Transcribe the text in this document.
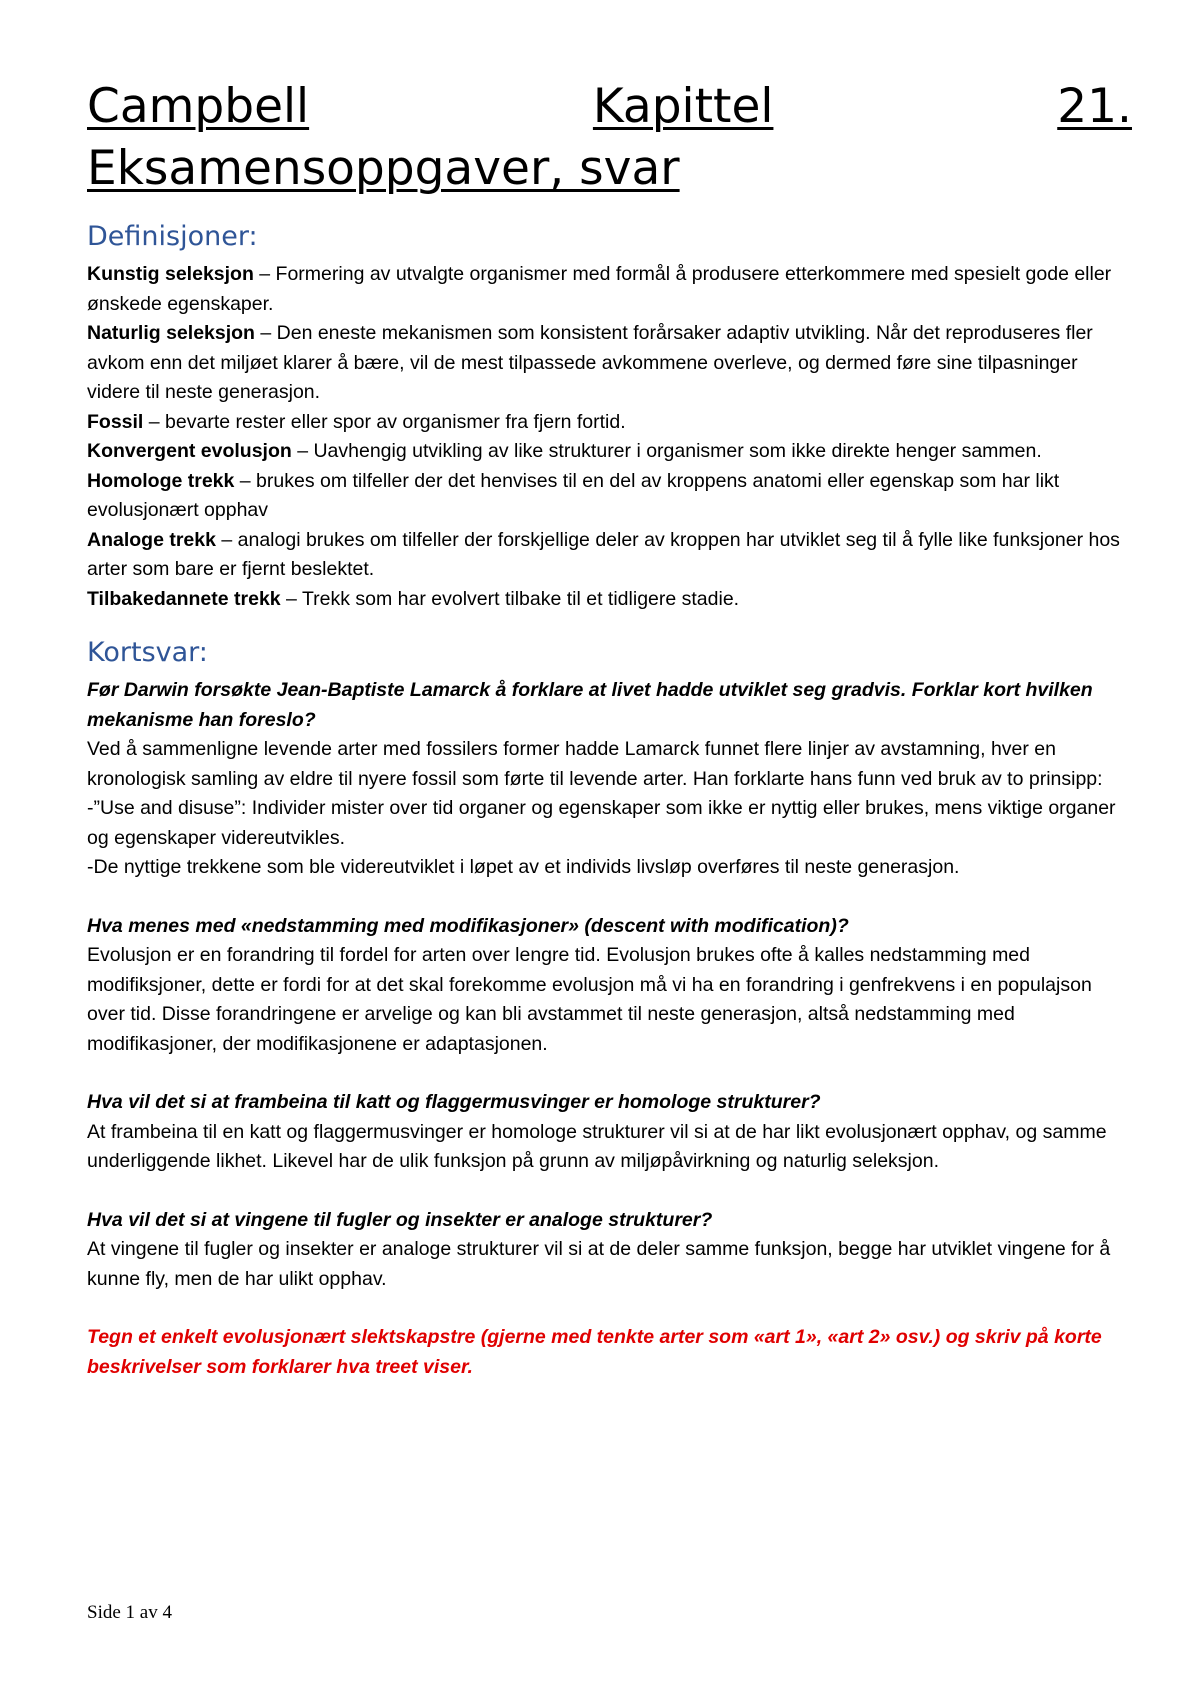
Campbell	Kapittel	21.
Eksamensoppgaver, svar
Definisjoner:

Kunstig seleksjon – Formering av utvalgte organismer med formål å produsere etterkommere med spesielt gode eller ønskede egenskaper.

Naturlig seleksjon – Den eneste mekanismen som konsistent forårsaker adaptiv utvikling. Når det reproduseres fler avkom enn det miljøet klarer å bære, vil de mest tilpassede avkommene overleve, og dermed føre sine tilpasninger videre til neste generasjon.

Fossil – bevarte rester eller spor av organismer fra fjern fortid.

Konvergent evolusjon – Uavhengig utvikling av like strukturer i organismer som ikke direkte henger sammen.

Homologe trekk – brukes om tilfeller der det henvises til en del av kroppens anatomi eller egenskap som har likt evolusjonært opphav

Analoge trekk – analogi brukes om tilfeller der forskjellige deler av kroppen har utviklet seg til å fylle like funksjoner hos arter som bare er fjernt beslektet.

Tilbakedannete trekk – Trekk som har evolvert tilbake til et tidligere stadie.

Kortsvar:

Før Darwin forsøkte Jean-Baptiste Lamarck å forklare at livet hadde utviklet seg gradvis. Forklar kort hvilken mekanisme han foreslo?

Ved å sammenligne levende arter med fossilers former hadde Lamarck funnet flere linjer av avstamning, hver en kronologisk samling av eldre til nyere fossil som førte til levende arter. Han forklarte hans funn ved bruk av to prinsipp:

-”Use and disuse”: Individer mister over tid organer og egenskaper som ikke er nyttig eller brukes, mens viktige organer og egenskaper videreutvikles.

-De nyttige trekkene som ble videreutviklet i løpet av et individs livsløp overføres til neste generasjon.

Hva menes med «nedstamming med modifikasjoner» (descent with modification)?

Evolusjon er en forandring til fordel for arten over lengre tid. Evolusjon brukes ofte å kalles nedstamming med modifiksjoner, dette er fordi for at det skal forekomme evolusjon må vi ha en forandring i genfrekvens i en populajson over tid. Disse forandringene er arvelige og kan bli avstammet til neste generasjon, altså nedstamming med modifikasjoner, der modifikasjonene er adaptasjonen.

Hva vil det si at frambeina til katt og flaggermusvinger er homologe strukturer?

At frambeina til en katt og flaggermusvinger er homologe strukturer vil si at de har likt evolusjonært opphav, og samme underliggende likhet. Likevel har de ulik funksjon på grunn av miljøpåvirkning og naturlig seleksjon.

Hva vil det si at vingene til fugler og insekter er analoge strukturer?

At vingene til fugler og insekter er analoge strukturer vil si at de deler samme funksjon, begge har utviklet vingene for å kunne fly, men de har ulikt opphav.

Tegn et enkelt evolusjonært slektskapstre (gjerne med tenkte arter som «art 1», «art 2» osv.) og skriv på korte beskrivelser som forklarer hva treet viser.

Side 1 av 4
